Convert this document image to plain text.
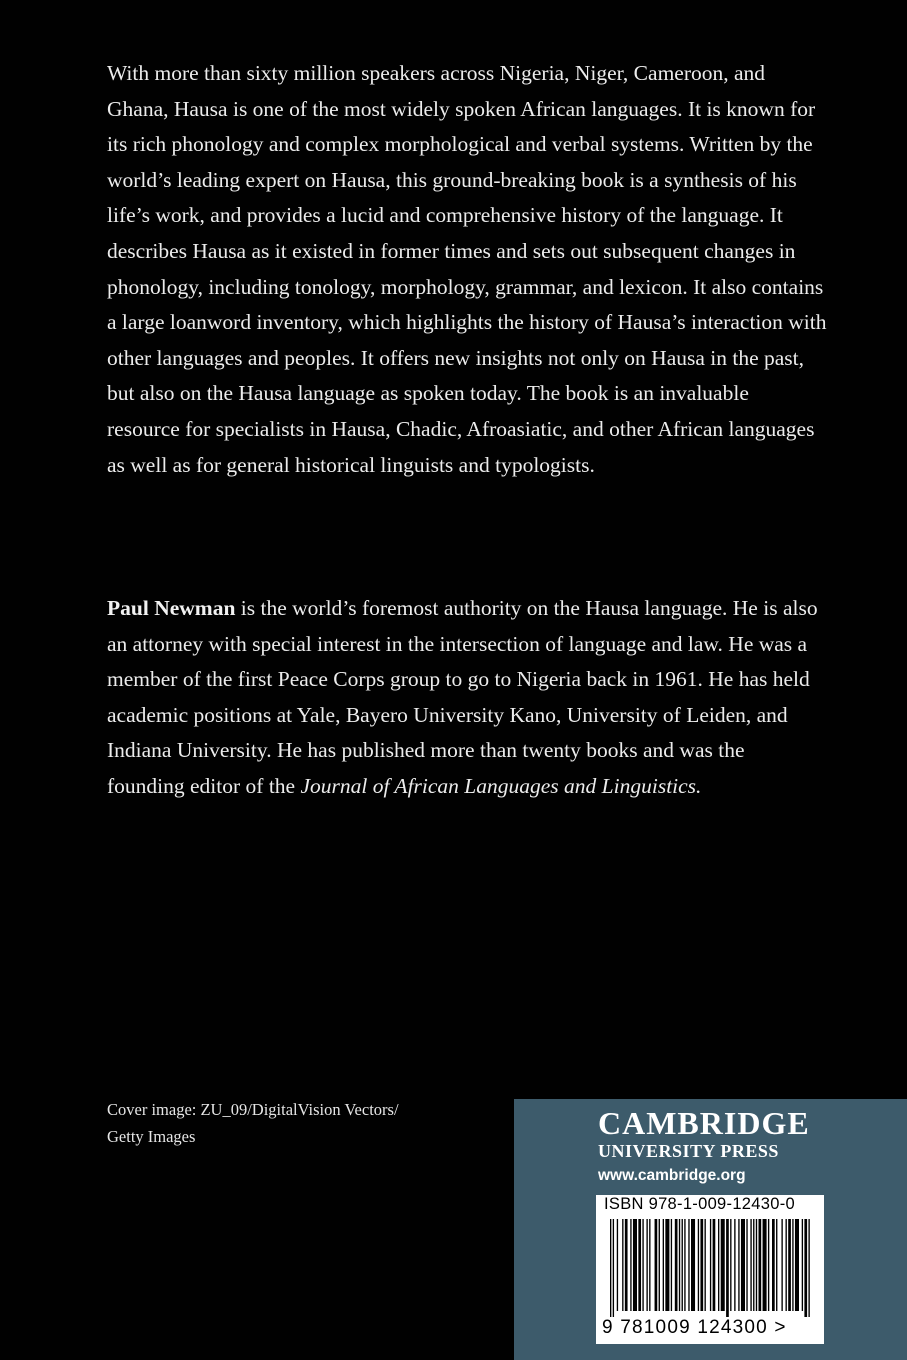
With more than sixty million speakers across Nigeria, Niger, Cameroon, and Ghana, Hausa is one of the most widely spoken African languages. It is known for its rich phonology and complex morphological and verbal systems. Written by the world’s leading expert on Hausa, this ground-breaking book is a synthesis of his life’s work, and provides a lucid and comprehensive history of the language. It describes Hausa as it existed in former times and sets out subsequent changes in phonology, including tonology, morphology, grammar, and lexicon. It also contains a large loanword inventory, which highlights the history of Hausa’s interaction with other languages and peoples. It offers new insights not only on Hausa in the past, but also on the Hausa language as spoken today. The book is an invaluable resource for specialists in Hausa, Chadic, Afroasiatic, and other African languages as well as for general historical linguists and typologists.

Paul Newman is the world’s foremost authority on the Hausa language. He is also an attorney with special interest in the intersection of language and law. He was a member of the first Peace Corps group to go to Nigeria back in 1961. He has held academic positions at Yale, Bayero University Kano, University of Leiden, and Indiana University. He has published more than twenty books and was the founding editor of the Journal of African Languages and Linguistics.

Cover image: ZU_09/DigitalVision Vectors/
Getty Images	CAMBRIDGE
UNIVERSITY PRESS
www.cambridge.org
ISBN 978-1-009-12430-0
9 781009 124300 >
